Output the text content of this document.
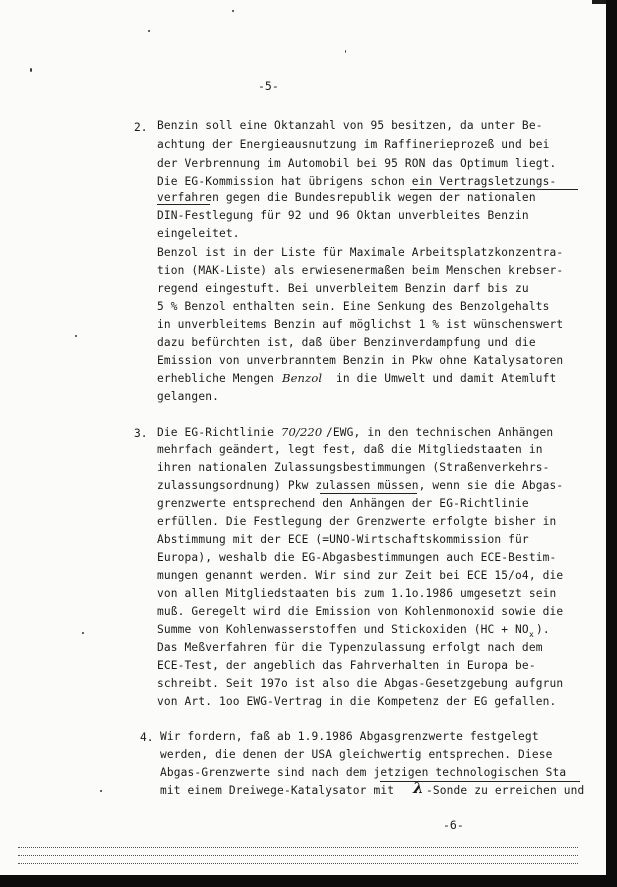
-5-
2. Benzin soll eine Oktanzahl von 95 besitzen, da unter Be-
achtung der Energieausnutzung im Raffinerieprozeß und bei
der Verbrennung im Automobil bei 95 RON das Optimum liegt.
Die EG-Kommission hat übrigens schon ein Vertragsletzungs-
verfahren gegen die Bundesrepublik wegen der nationalen
DIN-Festlegung für 92 und 96 Oktan unverbleites Benzin
eingeleitet.
Benzol ist in der Liste für Maximale Arbeitsplatzkonzentra-
tion (MAK-Liste) als erwiesenermaßen beim Menschen krebser-
regend eingestuft. Bei unverbleitem Benzin darf bis zu
5 % Benzol enthalten sein. Eine Senkung des Benzolgehalts
in unverbleitems Benzin auf möglichst 1 % ist wünschenswert
dazu befürchten ist, daß über Benzinverdampfung und die
Emission von unverbranntem Benzin in Pkw ohne Katalysatoren
erhebliche Mengen Benzol in die Umwelt und damit Atemluft
gelangen.
3. Die EG-Richtlinie 70/220 /EWG, in den technischen Anhängen
mehrfach geändert, legt fest, daß die Mitgliedstaaten in
ihren nationalen Zulassungsbestimmungen (Straßenverkehrs-
zulassungsordnung) Pkw zulassen müssen, wenn sie die Abgas-
grenzwerte entsprechend den Anhängen der EG-Richtlinie
erfüllen. Die Festlegung der Grenzwerte erfolgte bisher in
Abstimmung mit der ECE (=UNO-Wirtschaftskommission für
Europa), weshalb die EG-Abgasbestimmungen auch ECE-Bestim-
mungen genannt werden. Wir sind zur Zeit bei ECE 15/o4, die
von allen Mitgliedstaaten bis zum 1.1o.1986 umgesetzt sein
muß. Geregelt wird die Emission von Kohlenmonoxid sowie die
Summe von Kohlenwasserstoffen und Stickoxiden (HC + NO x ).
Das Meßverfahren für die Typenzulassung erfolgt nach dem
ECE-Test, der angeblich das Fahrverhalten in Europa be-
schreibt. Seit 197o ist also die Abgas-Gesetzgebung aufgrun
von Art. 1oo EWG-Vertrag in die Kompetenz der EG gefallen.
4. Wir fordern, faß ab 1.9.1986 Abgasgrenzwerte festgelegt
werden, die denen der USA gleichwertig entsprechen. Diese
Abgas-Grenzwerte sind nach dem jetzigen technologischen Sta
mit einem Dreiwege-Katalysator mit λ -Sonde zu erreichen und
-6-
